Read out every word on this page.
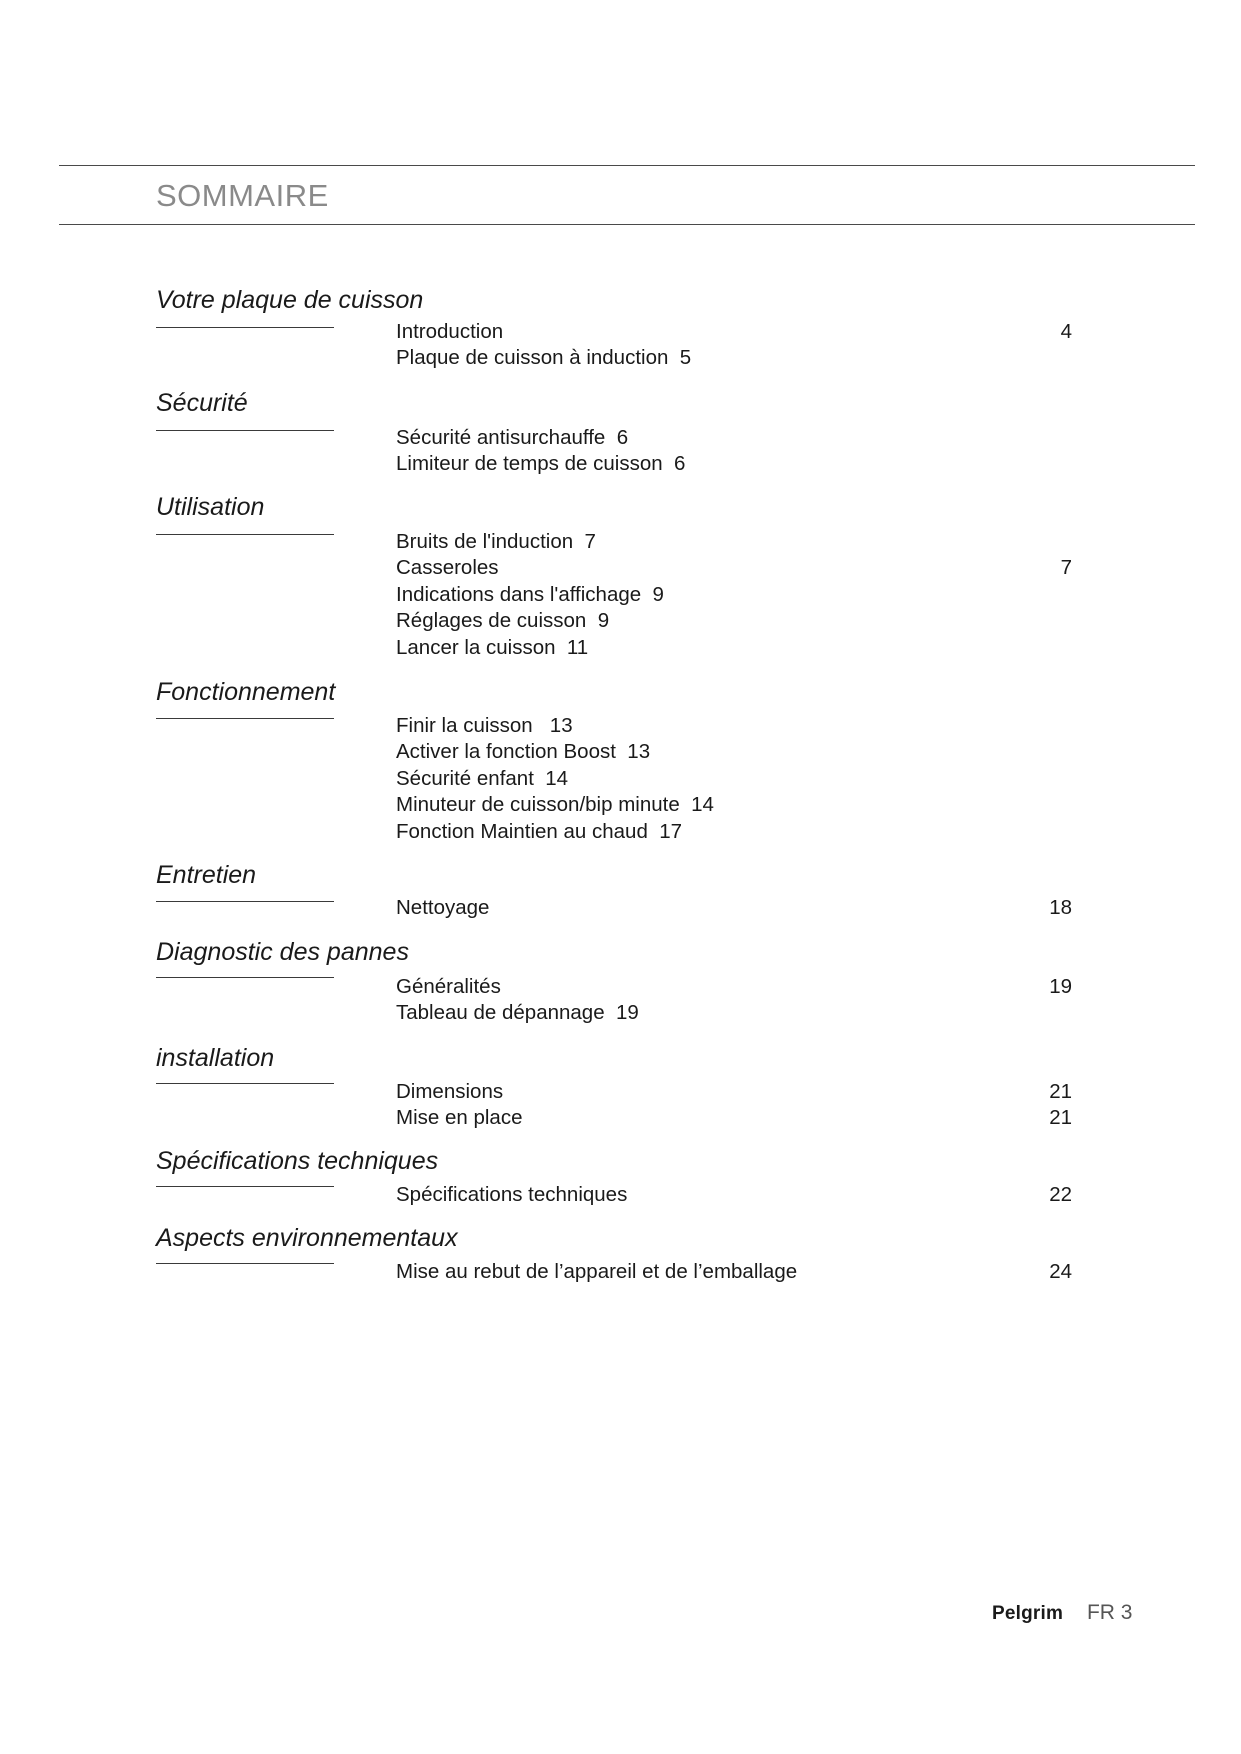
SOMMAIRE
Votre plaque de cuisson
Introduction	4
Plaque de cuisson à induction  5
Sécurité
Sécurité antisurchauffe  6
Limiteur de temps de cuisson  6
Utilisation
Bruits de l'induction  7
Casseroles	7
Indications dans l'affichage  9
Réglages de cuisson  9
Lancer la cuisson  11
Fonctionnement
Finir la cuisson   13
Activer la fonction Boost  13
Sécurité enfant  14
Minuteur de cuisson/bip minute  14
Fonction Maintien au chaud  17
Entretien
Nettoyage	18
Diagnostic des pannes
Généralités	19
Tableau de dépannage  19
installation
Dimensions	21
Mise en place	21
Spécifications techniques
Spécifications techniques	22
Aspects environnementaux
Mise au rebut de l’appareil et de l’emballage	24
Pelgrim FR 3
